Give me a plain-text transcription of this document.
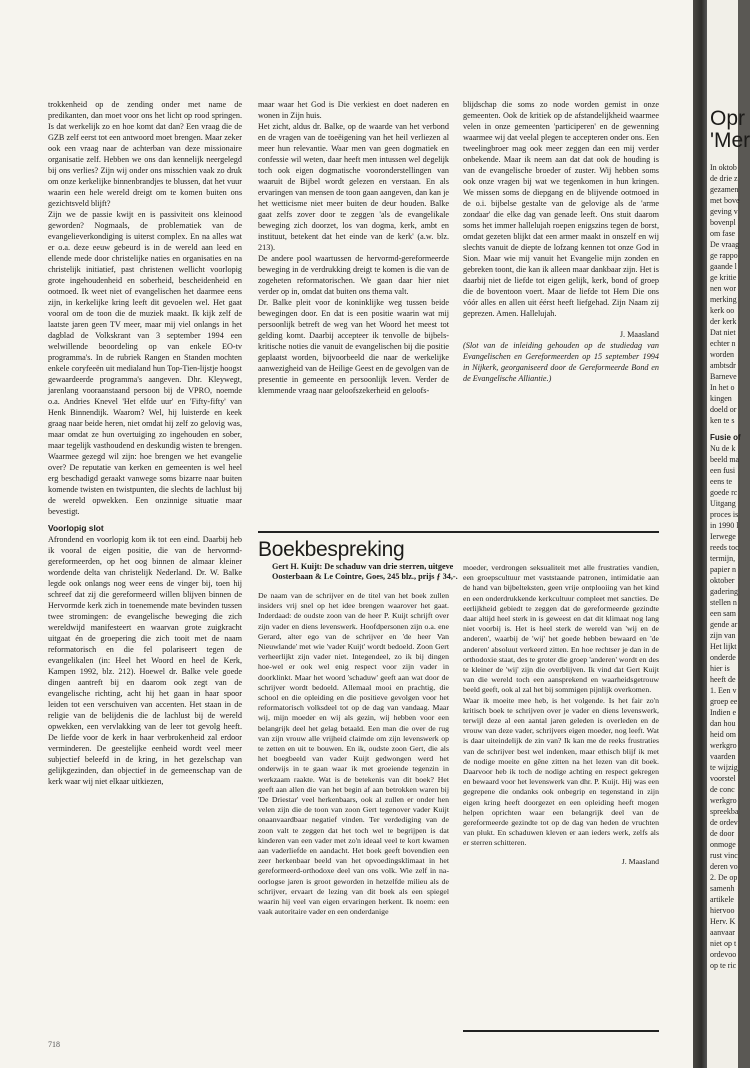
trokkenheid op de zending onder met name de predikanten, dan moet voor ons het licht op rood springen. Is dat werkelijk zo en hoe komt dat dan? Een vraag die de GZB zelf eerst tot een antwoord moet brengen. Maar zeker ook een vraag naar de achterban van deze missionaire organisatie zelf. Hebben we ons dan kennelijk neergelegd bij ons verlies? Zijn wij onder ons misschien vaak zo druk om onze kerkelijke binnenbrandjes te blussen, dat het vuur waarin een hele wereld dreigt om te komen buiten ons gezichtsveld blijft?

Zijn we de passie kwijt en is passiviteit ons kleinood geworden? Nogmaals, de problematiek van de evangelieverkondiging is uiterst complex. En na alles wat er o.a. deze eeuw gebeurd is in de wereld aan leed en ellende mede door christelijke naties en organisaties en na christelijk initiatief, past christenen wellicht voorlopig grote ingehoudenheid en soberheid, bescheidenheid en ootmoed. Ik weet niet of evangelischen het daarmee eens zijn, in kerkelijke kring leeft dit gevoelen wel. Het gaat vooral om de toon die de muziek maakt. Ik kijk zelf de laatste jaren geen TV meer, maar mij viel onlangs in het dagblad de Volkskrant van 3 september 1994 een welwillende beoordeling op van enkele EO-tv programma's. In de rubriek Rangen en Standen mochten enkele coryfeeën uit medialand hun Top-Tien-lijstje hoogst gewaardeerde programma's aangeven. Dhr. Kleywegt, jarenlang vooraanstaand persoon bij de VPRO, noemde o.a. Andries Knevel 'Het elfde uur' en 'Fifty-fifty' van Henk Binnendijk. Waarom? Wel, hij luisterde en keek graag naar beide heren, niet omdat hij zelf zo gelovig was, maar omdat ze hun overtuiging zo ingehouden en sober, maar tegelijk vasthoudend en deskundig wisten te brengen. Waarmee gezegd wil zijn: hoe brengen we het evangelie over? De reputatie van kerken en gemeenten is wel heel erg beschadigd geraakt vanwege soms bizarre naar buiten komende twisten en twistpunten, die slechts de lachlust bij de wereld opwekken. Een onzinnige situatie maar bevestigt.

Voorlopig slot

Afrondend en voorlopig kom ik tot een eind. Daarbij heb ik vooral de eigen positie, die van de hervormd-gereformeerden, op het oog binnen de almaar kleiner wordende delta van christelijk Nederland. Dr. W. Balke legde ook onlangs nog weer eens de vinger bij, toen hij schreef dat zij die gereformeerd willen blijven binnen de Hervormde kerk zich in toenemende mate bevinden tussen twee stromingen: de evangelische beweging die zich wereldwijd manifesteert en waarvan grote zuigkracht uitgaat én de groepering die zich tooit met de naam reformatorisch en die fel polariseert tegen de evangelikalen (in: Heel het Woord en heel de Kerk, Kampen 1992, blz. 212). Hoewel dr. Balke vele goede dingen aantreft bij en daarom ook zegt van de evangelische richting, acht hij het gaan in haar spoor leiden tot een verschuiven van accenten. Het staan in de religie van de belijdenis die de lachlust bij de wereld opwekken, een vervlakking van de leer tot gevolg heeft. De liefde voor de kerk in haar verbrokenheid zal erdoor verminderen. De geestelijke eenheid wordt veel meer subjectief beleefd in de kring, in het gezelschap van gelijkgezinden, dan objectief in de gemeenschap van de kerk waar wij niet elkaar uitkiezen,

maar waar het God is Die verkiest en doet naderen en wonen in Zijn huis.

Het zicht, aldus dr. Balke, op de waarde van het verbond en de vragen van de toeëigening van het heil verliezen al meer hun relevantie. Waar men van geen dogmatiek en confessie wil weten, daar heeft men intussen wel degelijk toch ook eigen dogmatische vooronderstellingen van waaruit de Bijbel wordt gelezen en verstaan. En als ervaringen van mensen de toon gaan aangeven, dan kan je het wetticisme niet meer buiten de deur houden. Balke gaat zelfs zover door te zeggen 'als de evangelikale beweging zich doorzet, los van dogma, kerk, ambt en instituut, betekent dat het einde van de kerk' (a.w. blz. 213).

De andere pool waartussen de hervormd-gereformeerde beweging in de verdrukking dreigt te komen is die van de zogeheten reformatorischen. We gaan daar hier niet verder op in, omdat dat buiten ons thema valt.

Dr. Balke pleit voor de koninklijke weg tussen beide bewegingen door. En dat is een positie waarin wat mij persoonlijk betreft de weg van het Woord het meest tot gelding komt. Daarbij accepteer ik tenvolle de bijbels-kritische noties die vanuit de evangelischen bij die positie geplaatst worden, bijvoorbeeld die naar de werkelijke aanwezigheid van de Heilige Geest en de gevolgen van de presentie in gemeente en persoonlijk leven. Verder de klemmende vraag naar geloofszekerheid en geloofs-

blijdschap die soms zo node worden gemist in onze gemeenten. Ook de kritiek op de afstandelijkheid waarmee velen in onze gemeenten 'participeren' en de gewenning waarmee wij dat veelal plegen te accepteren onder ons. Een tweelingbroer mag ook meer zeggen dan een mij verder onbekende. Maar ik neem aan dat dat ook de houding is van de evangelische broeder of zuster. Wij hebben soms ook onze vragen bij wat we tegenkomen in hun kringen. We missen soms de diepgang en de blijvende ootmoed in de o.i. bijbelse gestalte van de gelovige als de 'arme zondaar' die elke dag van genade leeft. Ons stuit daarom soms het immer hallelujah roepen enigszins tegen de borst, omdat gezeten blijkt dat een armer maakt in onszelf en wij slechts vanuit de diepte de lofzang kennen tot onze God in Sion. Maar wie mij vanuit het Evangelie mijn zonden en gebreken toont, die kan ik alleen maar dankbaar zijn. Het is daarbij niet de liefde tot eigen gelijk, kerk, bond of groep die de boventoon voert. Maar de liefde tot Hem Die ons vóór alles en allen uit éérst heeft liefgehad. Zijn Naam zij geprezen. Amen. Hallelujah.

J. Maasland

(Slot van de inleiding gehouden op de studiedag van Evangelischen en Gereformeerden op 15 september 1994 in Nijkerk, georganiseerd door de Gereformeerde Bond en de Evangelische Alliantie.)

Boekbespreking
Gert H. Kuijt: De schaduw van drie sterren, uitgeve Oosterbaan & Le Cointre, Goes, 245 blz., prijs ƒ 34,-.

De naam van de schrijver en de titel van het boek zullen insiders vrij snel op het idee brengen waarover het gaat. Inderdaad: de oudste zoon van de heer P. Kuijt schrijft over zijn vader en diens levenswerk. Hoofdpersonen zijn o.a. ene Gerard, alter ego van de schrijver en 'de heer Van Nieuwlande' met wie 'vader Kuijt' wordt bedoeld. Zoon Gert verheerlijkt zijn vader niet. Integendeel, zo ik bij dingen hoe-wel er ook wel enig respect voor zijn vader in doorklinkt. Maar het woord 'schaduw' geeft aan wat door de schrijver wordt bedoeld. Allemaal mooi en prachtig, die school en die opleiding en die positieve gevolgen voor het reformatorisch volksdeel tot op de dag van vandaag. Maar wij, mijn moeder en wij als gezin, wij hebben voor een belangrijk deel het gelag betaald. Een man die over de rug van zijn vrouw alle vrijheid claimde om zijn levenswerk op te zetten en uit te bouwen. En ik, oudste zoon Gert, die als het boegbeeld van vader Kuijt gedwongen werd het onderwijs in te gaan waar ik met groeiende tegenzin in werkzaam raakte. Wat is de betekenis van dit boek? Het geeft aan allen die van het begin af aan betrokken waren bij 'De Driestar' veel herkenbaars, ook al zullen er onder hen velen zijn die de toon van zoon Gert tegenover vader Kuijt onaanvaardbaar negatief vinden. Ter verdediging van de zoon valt te zeggen dat het toch wel te begrijpen is dat kinderen van een vader met zo'n ideaal veel te kort kwamen aan vaderliefde en aandacht. Het boek geeft bovendien een zeer herkenbaar beeld van het opvoedingsklimaat in het gereformeerd-orthodoxe deel van ons volk. Wie zelf in na-oorlogse jaren is groot geworden in hetzelfde milieu als de schrijver, ervaart de lezing van dit boek als een spiegel waarin hij veel van eigen ervaringen herkent. Ik noem: een vaak autoritaire vader en een onderdanige

moeder, verdrongen seksualiteit met alle frustraties vandien, een groepscultuur met vaststaande patronen, intimidatie aan de hand van bijbelteksten, geen vrije ontplooiing van het kind en een onderdrukkende kerkcultuur compleet met sancties. De eerlijkheid gebiedt te zeggen dat de gereformeerde gezindte daar altijd heel sterk in is geweest en dat dit klimaat nog lang niet voorbij is. Het is heel sterk de wereld van 'wij en de anderen', waarbij de 'wij' het goede hebben bewaard en 'de anderen' absoluut verkeerd zitten. En hoe rechtser je dan in de orthodoxie staat, des te groter die groep 'anderen' wordt en des te kleiner de 'wij' zijn die overblijven. Ik vind dat Gert Kuijt van die wereld toch een aansprekend en waarheidsgetrouw beeld geeft, ook al zal het bij sommigen pijnlijk overkomen.

Waar ik moeite mee heb, is het volgende. Is het fair zo'n kritisch boek te schrijven over je vader en diens levenswerk, terwijl deze al een aantal jaren geleden is overleden en de vrouw van deze vader, schrijvers eigen moeder, nog leeft. Wat is daar uiteindelijk de zin van? Ik kan me de reeks frustraties van de schrijver best wel indenken, maar ethisch blijf ik met de nodige moeite en gêne zitten na het lezen van dit boek. Daarvoor heb ik toch de nodige achting en respect gekregen en bewaard voor het levenswerk van dhr. P. Kuijt. Hij was een gegrepene die ondanks ook onbegrip en tegenstand in zijn eigen kring heeft doorgezet en een opleiding heeft mogen helpen oprichten waar een belangrijk deel van de gereformeerde gezindte tot op de dag van heden de vruchten van plukt. En schaduwen kleven er aan ieders werk, zelfs als er sterren schitteren.

J. Maasland
718
Opr
'Mer
In oktob
de drie z
gezamen
met bove
geving v
bovenpl
om fase
De vraag
ge rappo
gaande l
ge kritie
nen wor
merking
kerk oo
der kerk
Dat niet
echter n
worden
ambtsdr
Barneve
In het o
kingen
doeld or
ken te s
Fusie of
Nu de k
beeld ma
een fusi
eens te
goede rc
Uitgang
proces is
in 1990 l
Ierwege
reeds toc
termijn,
papier n
oktober
gadering
stellen n
een sam
gende ar
zijn van
Het lijkt
onderde
hier is
heeft de
1. Een v
groep ee
Indien e
dan hou
heid om
werkgro
vaarden
te wijzig
voorstel
de conc
werkgro
spreekba
de ordev
de door
onmoge
rust vinc
deren vo
2. De op
samenh
artikele
hiervoo
Herv. K
aanvaar
niet op t
ordevoo
op te ric
